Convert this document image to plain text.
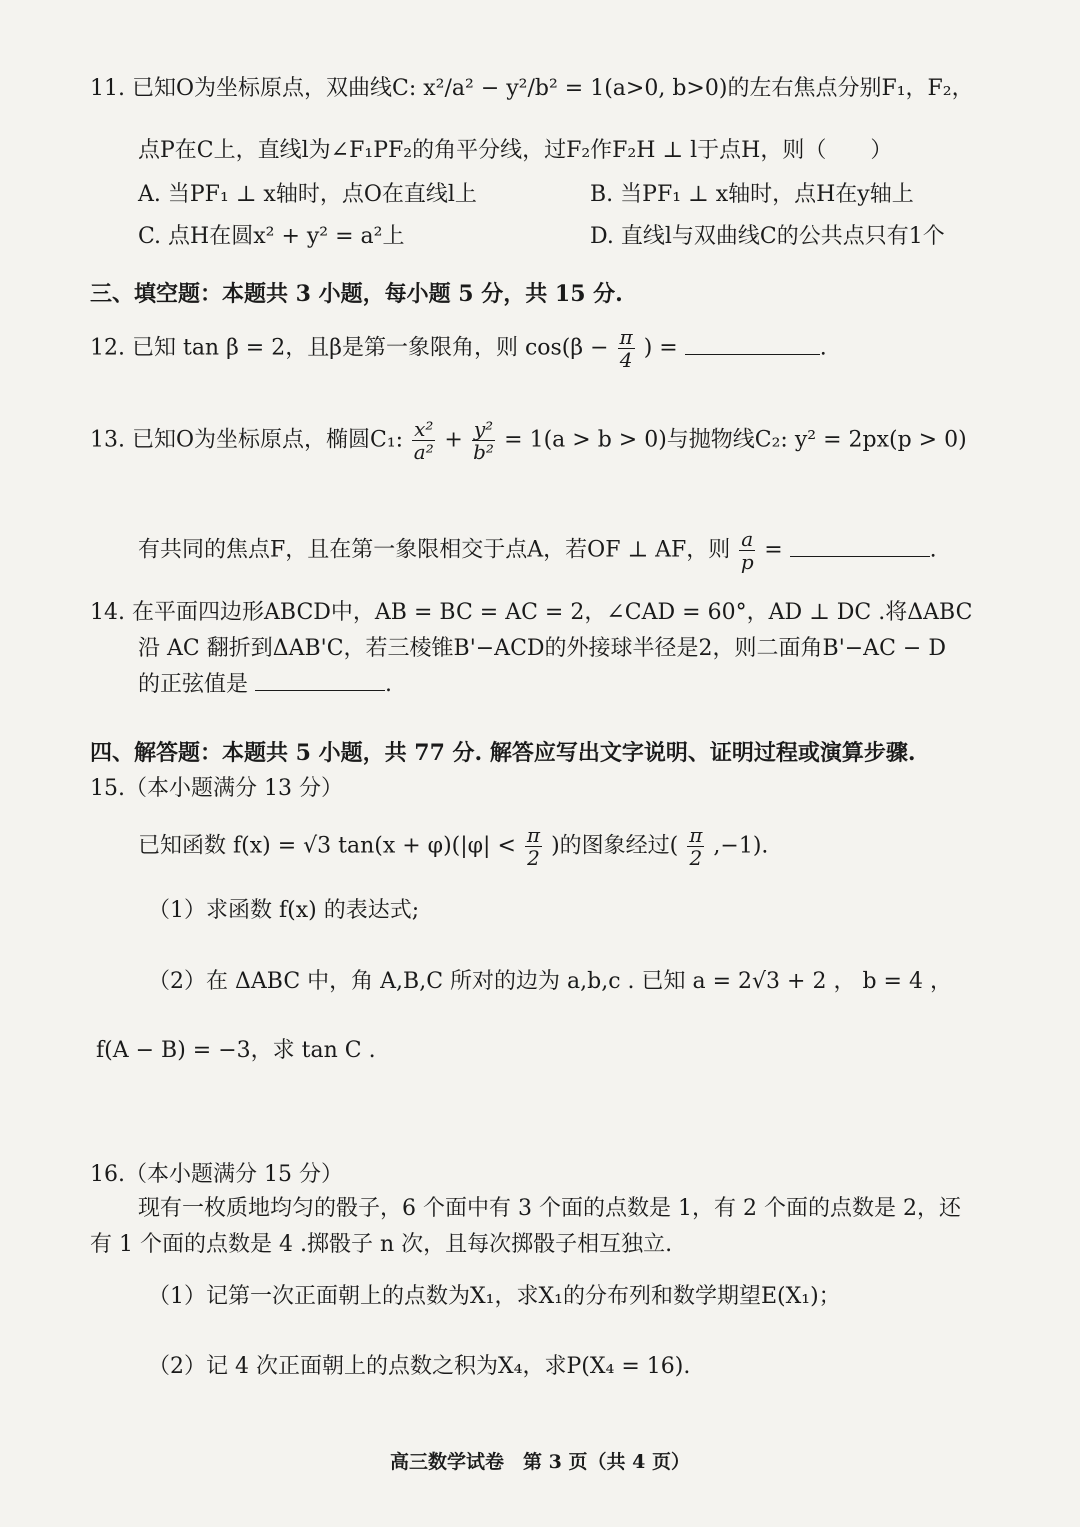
11. 已知O为坐标原点，双曲线C: x²/a² − y²/b² = 1(a>0, b>0)的左右焦点分别F₁，F₂，
点P在C上，直线l为∠F₁PF₂的角平分线，过F₂作F₂H ⊥ l于点H，则（　　）
A. 当PF₁ ⊥ x轴时，点O在直线l上	B. 当PF₁ ⊥ x轴时，点H在y轴上
C. 点H在圆x² + y² = a²上	D. 直线l与双曲线C的公共点只有1个
三、填空题：本题共 3 小题，每小题 5 分，共 15 分.
12. 已知 tan β = 2，且β是第一象限角，则 $\cos(\beta - \frac{\pi}{4}$ ) =	.
13. 已知O为坐标原点，椭圆C₁: $\frac{\text{x²}}{\text{a²}} + \frac{\text{y²}}{\text{b²}} = 1(a > b > 0)$与抛物线C₂: y² = 2px(p > 0)
有共同的焦点F，且在第一象限相交于点A，若OF ⊥ AF，则 $\frac{a}{p}$ =	.
14. 在平面四边形ABCD中，AB = BC = AC = 2，∠CAD = 60°，AD ⊥ DC .将ΔABC
沿 AC 翻折到ΔAB'C，若三棱锥B'−ACD的外接球半径是2，则二面角B'−AC − D
的正弦值是	.
四、解答题：本题共 5 小题，共 77 分. 解答应写出文字说明、证明过程或演算步骤.
15.（本小题满分 13 分）
已知函数 f(x) = √3 $\tan(x + \varphi)(|\varphi| < \frac{\pi}{2}$ )的图象经过( $\frac{\pi}{2} ,-1$).
（1）求函数 f(x) 的表达式;
（2）在 ΔABC 中，角 A,B,C 所对的边为 a,b,c . 已知 a = 2√3 + 2 ， b = 4 ，
f(A − B) = −3，求 tan C .
16.（本小题满分 15 分）
现有一枚质地均匀的骰子，6 个面中有 3 个面的点数是 1，有 2 个面的点数是 2，还
有 1 个面的点数是 4 .掷骰子 n 次，且每次掷骰子相互独立.
（1）记第一次正面朝上的点数为X₁，求X₁的分布列和数学期望E(X₁)；
（2）记 4 次正面朝上的点数之积为X₄，求P(X₄ = 16).
高三数学试卷　第 3 页（共 4 页）
